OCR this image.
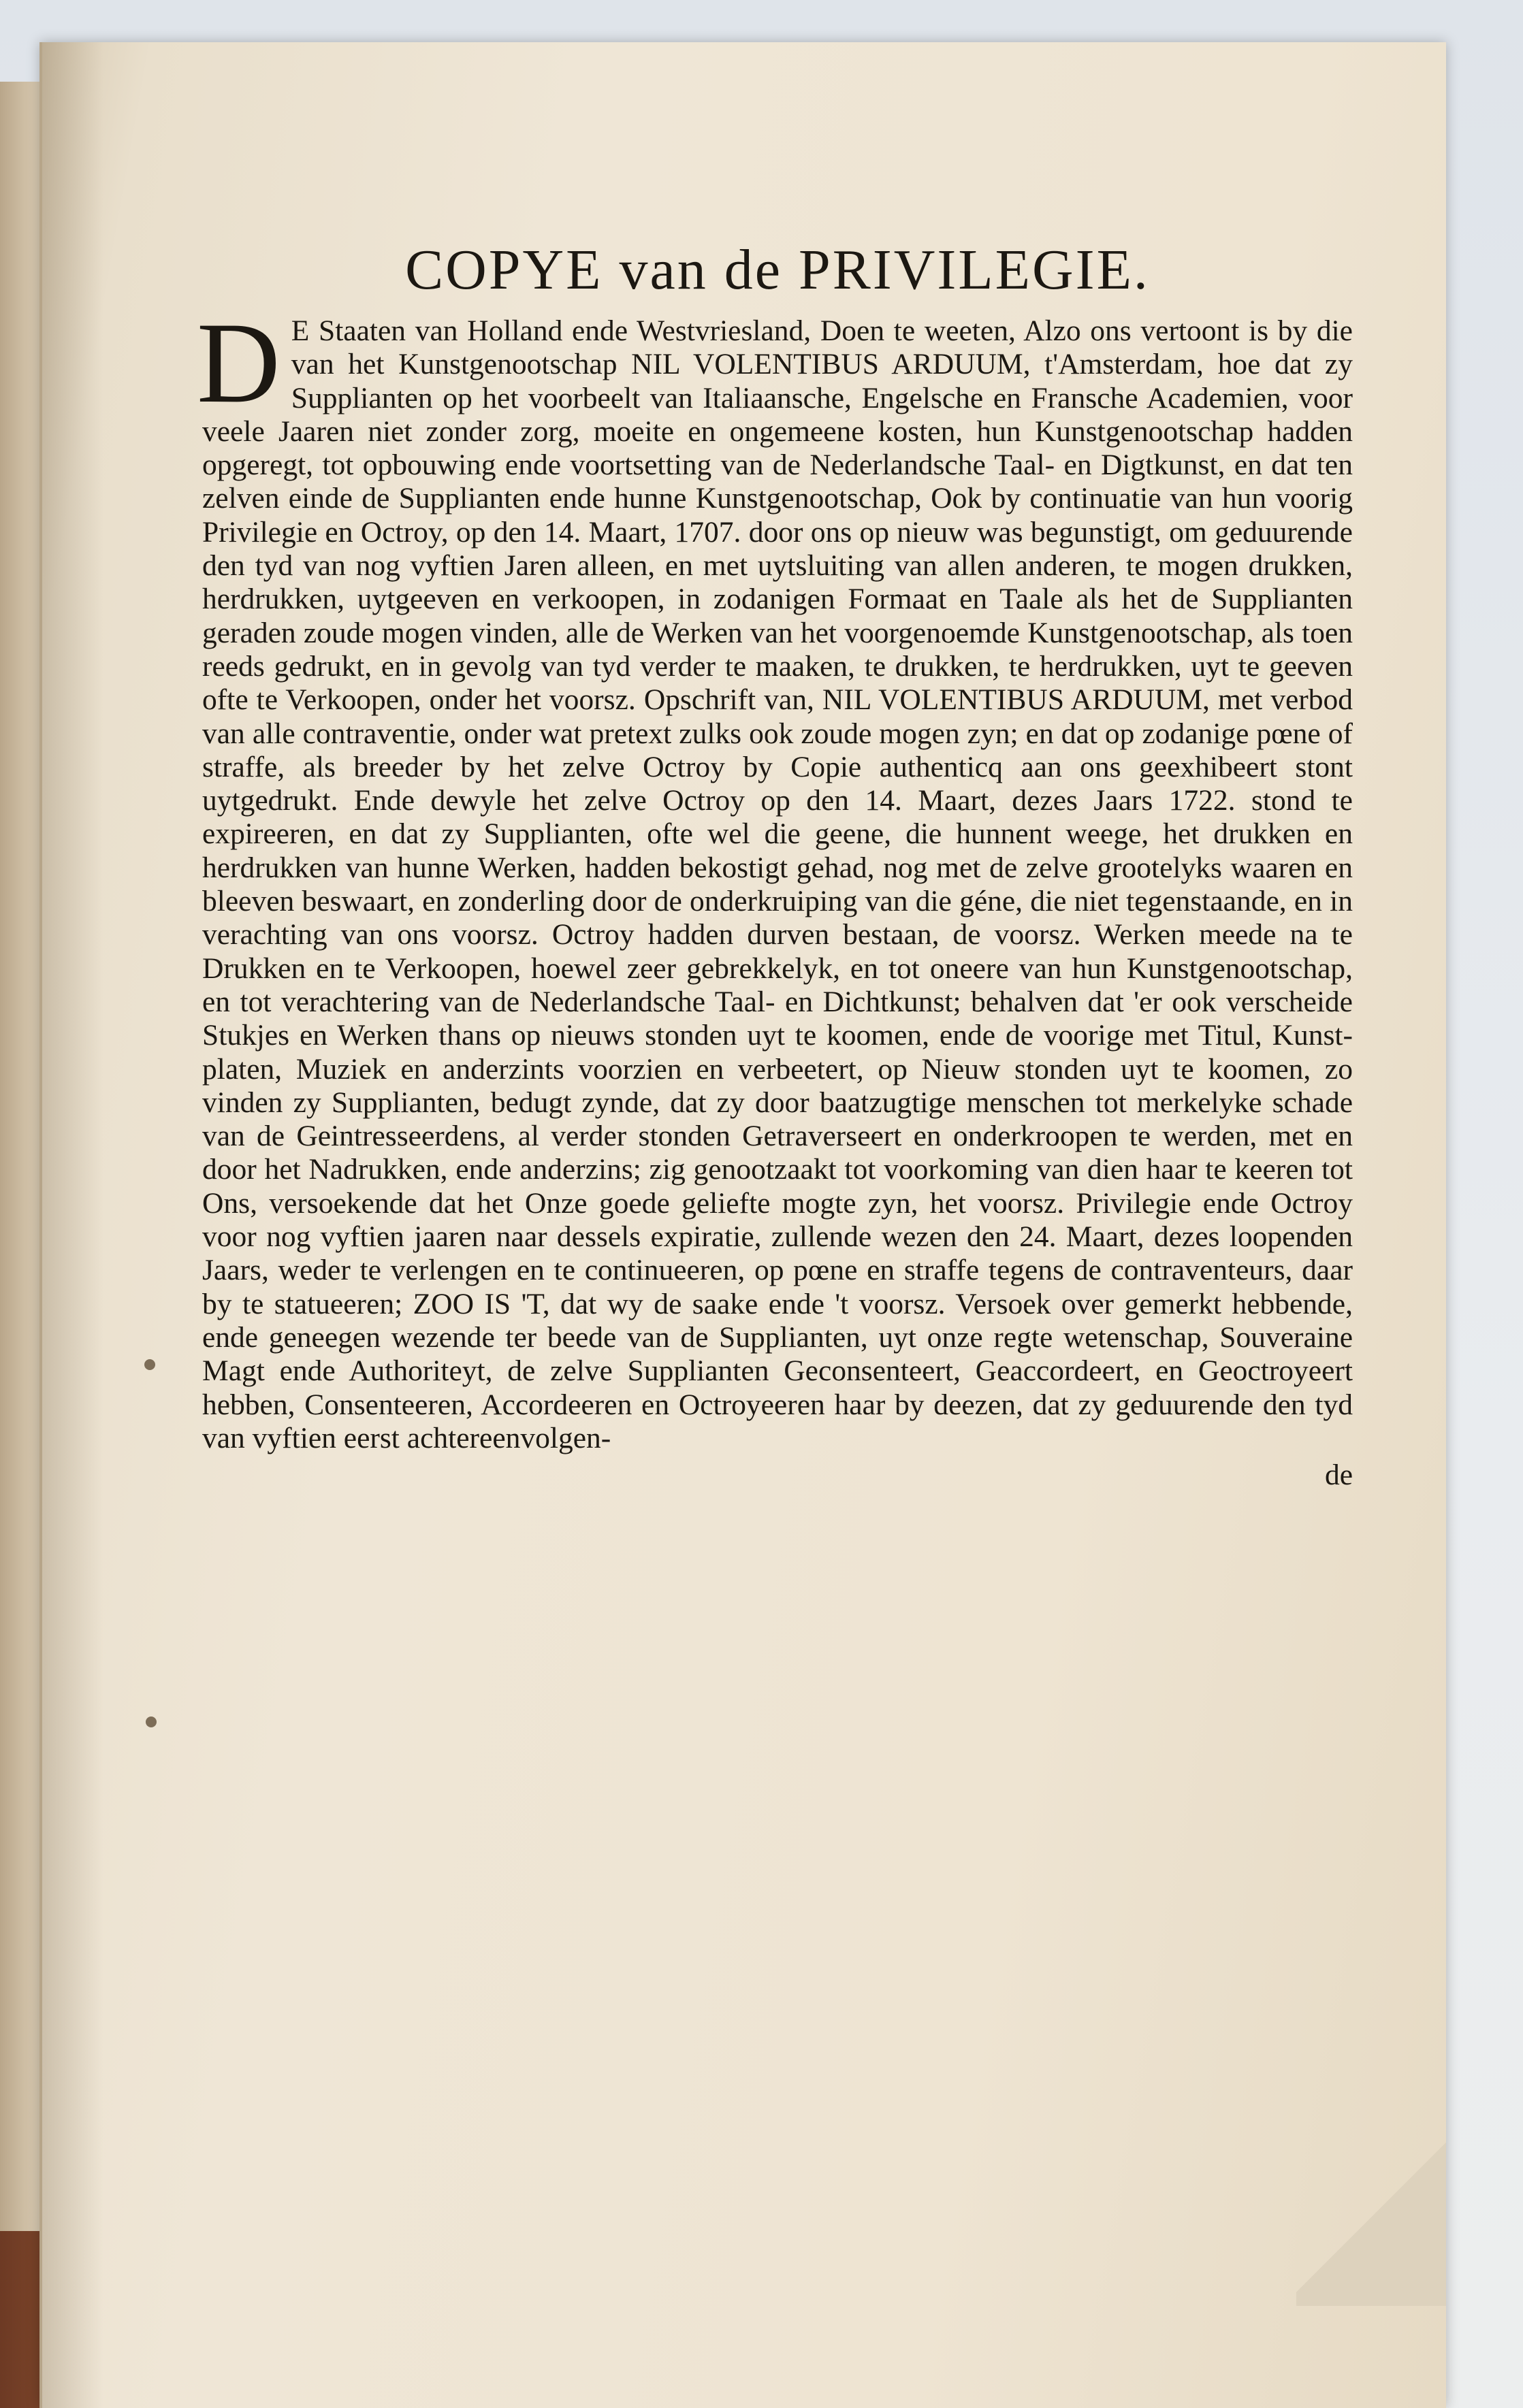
COPYE van de PRIVILEGIE.

D E Staaten van Holland ende Westvriesland, Doen te weeten, Alzo ons vertoont is by die van het Kunstgenootschap NIL VOLENTIBUS ARDUUM, t'Amsterdam, hoe dat zy Supplianten op het voorbeelt van Italiaansche, Engelsche en Fransche Academien, voor veele Jaaren niet zonder zorg, moeite en ongemeene kosten, hun Kunstgenootschap hadden opgeregt, tot opbouwing ende voortsetting van de Nederlandsche Taal- en Digtkunst, en dat ten zelven einde de Supplianten ende hunne Kunstgenootschap, Ook by continuatie van hun voorig Privilegie en Octroy, op den 14. Maart, 1707. door ons op nieuw was begunstigt, om geduurende den tyd van nog vyftien Jaren alleen, en met uytsluiting van allen anderen, te mogen drukken, herdrukken, uytgeeven en verkoopen, in zodanigen Formaat en Taale als het de Supplianten geraden zoude mogen vinden, alle de Werken van het voorgenoemde Kunstgenootschap, als toen reeds gedrukt, en in gevolg van tyd verder te maaken, te drukken, te herdrukken, uyt te geeven ofte te Verkoopen, onder het voorsz. Opschrift van, NIL VOLENTIBUS ARDUUM, met verbod van alle contraventie, onder wat pretext zulks ook zoude mogen zyn; en dat op zodanige pœne of straffe, als breeder by het zelve Octroy by Copie authenticq aan ons geexhibeert stont uytgedrukt. Ende dewyle het zelve Octroy op den 14. Maart, dezes Jaars 1722. stond te expireeren, en dat zy Supplianten, ofte wel die geene, die hunnent weege, het drukken en herdrukken van hunne Werken, hadden bekostigt gehad, nog met de zelve grootelyks waaren en bleeven beswaart, en zonderling door de onderkruiping van die géne, die niet tegenstaande, en in verachting van ons voorsz. Octroy hadden durven bestaan, de voorsz. Werken meede na te Drukken en te Verkoopen, hoewel zeer gebrekkelyk, en tot oneere van hun Kunstgenootschap, en tot verachtering van de Nederlandsche Taal- en Dichtkunst; behalven dat 'er ook verscheide Stukjes en Werken thans op nieuws stonden uyt te koomen, ende de voorige met Titul, Kunst-platen, Muziek en anderzints voorzien en verbeetert, op Nieuw stonden uyt te koomen, zo vinden zy Supplianten, bedugt zynde, dat zy door baatzugtige menschen tot merkelyke schade van de Geintresseerdens, al verder stonden Getraverseert en onderkroopen te werden, met en door het Nadrukken, ende anderzins; zig genootzaakt tot voorkoming van dien haar te keeren tot Ons, versoekende dat het Onze goede geliefte mogte zyn, het voorsz. Privilegie ende Octroy voor nog vyftien jaaren naar dessels expiratie, zullende wezen den 24. Maart, dezes loopenden Jaars, weder te verlengen en te continueeren, op pœne en straffe tegens de contraventeurs, daar by te statueeren; ZOO IS 'T, dat wy de saake ende 't voorsz. Versoek over gemerkt hebbende, ende geneegen wezende ter beede van de Supplianten, uyt onze regte wetenschap, Souveraine Magt ende Authoriteyt, de zelve Supplianten Geconsenteert, Geaccordeert, en Geoctroyeert hebben, Consenteeren, Accordeeren en Octroyeeren haar by deezen, dat zy geduurende den tyd van vyftien eerst achtereenvolgen-

de
